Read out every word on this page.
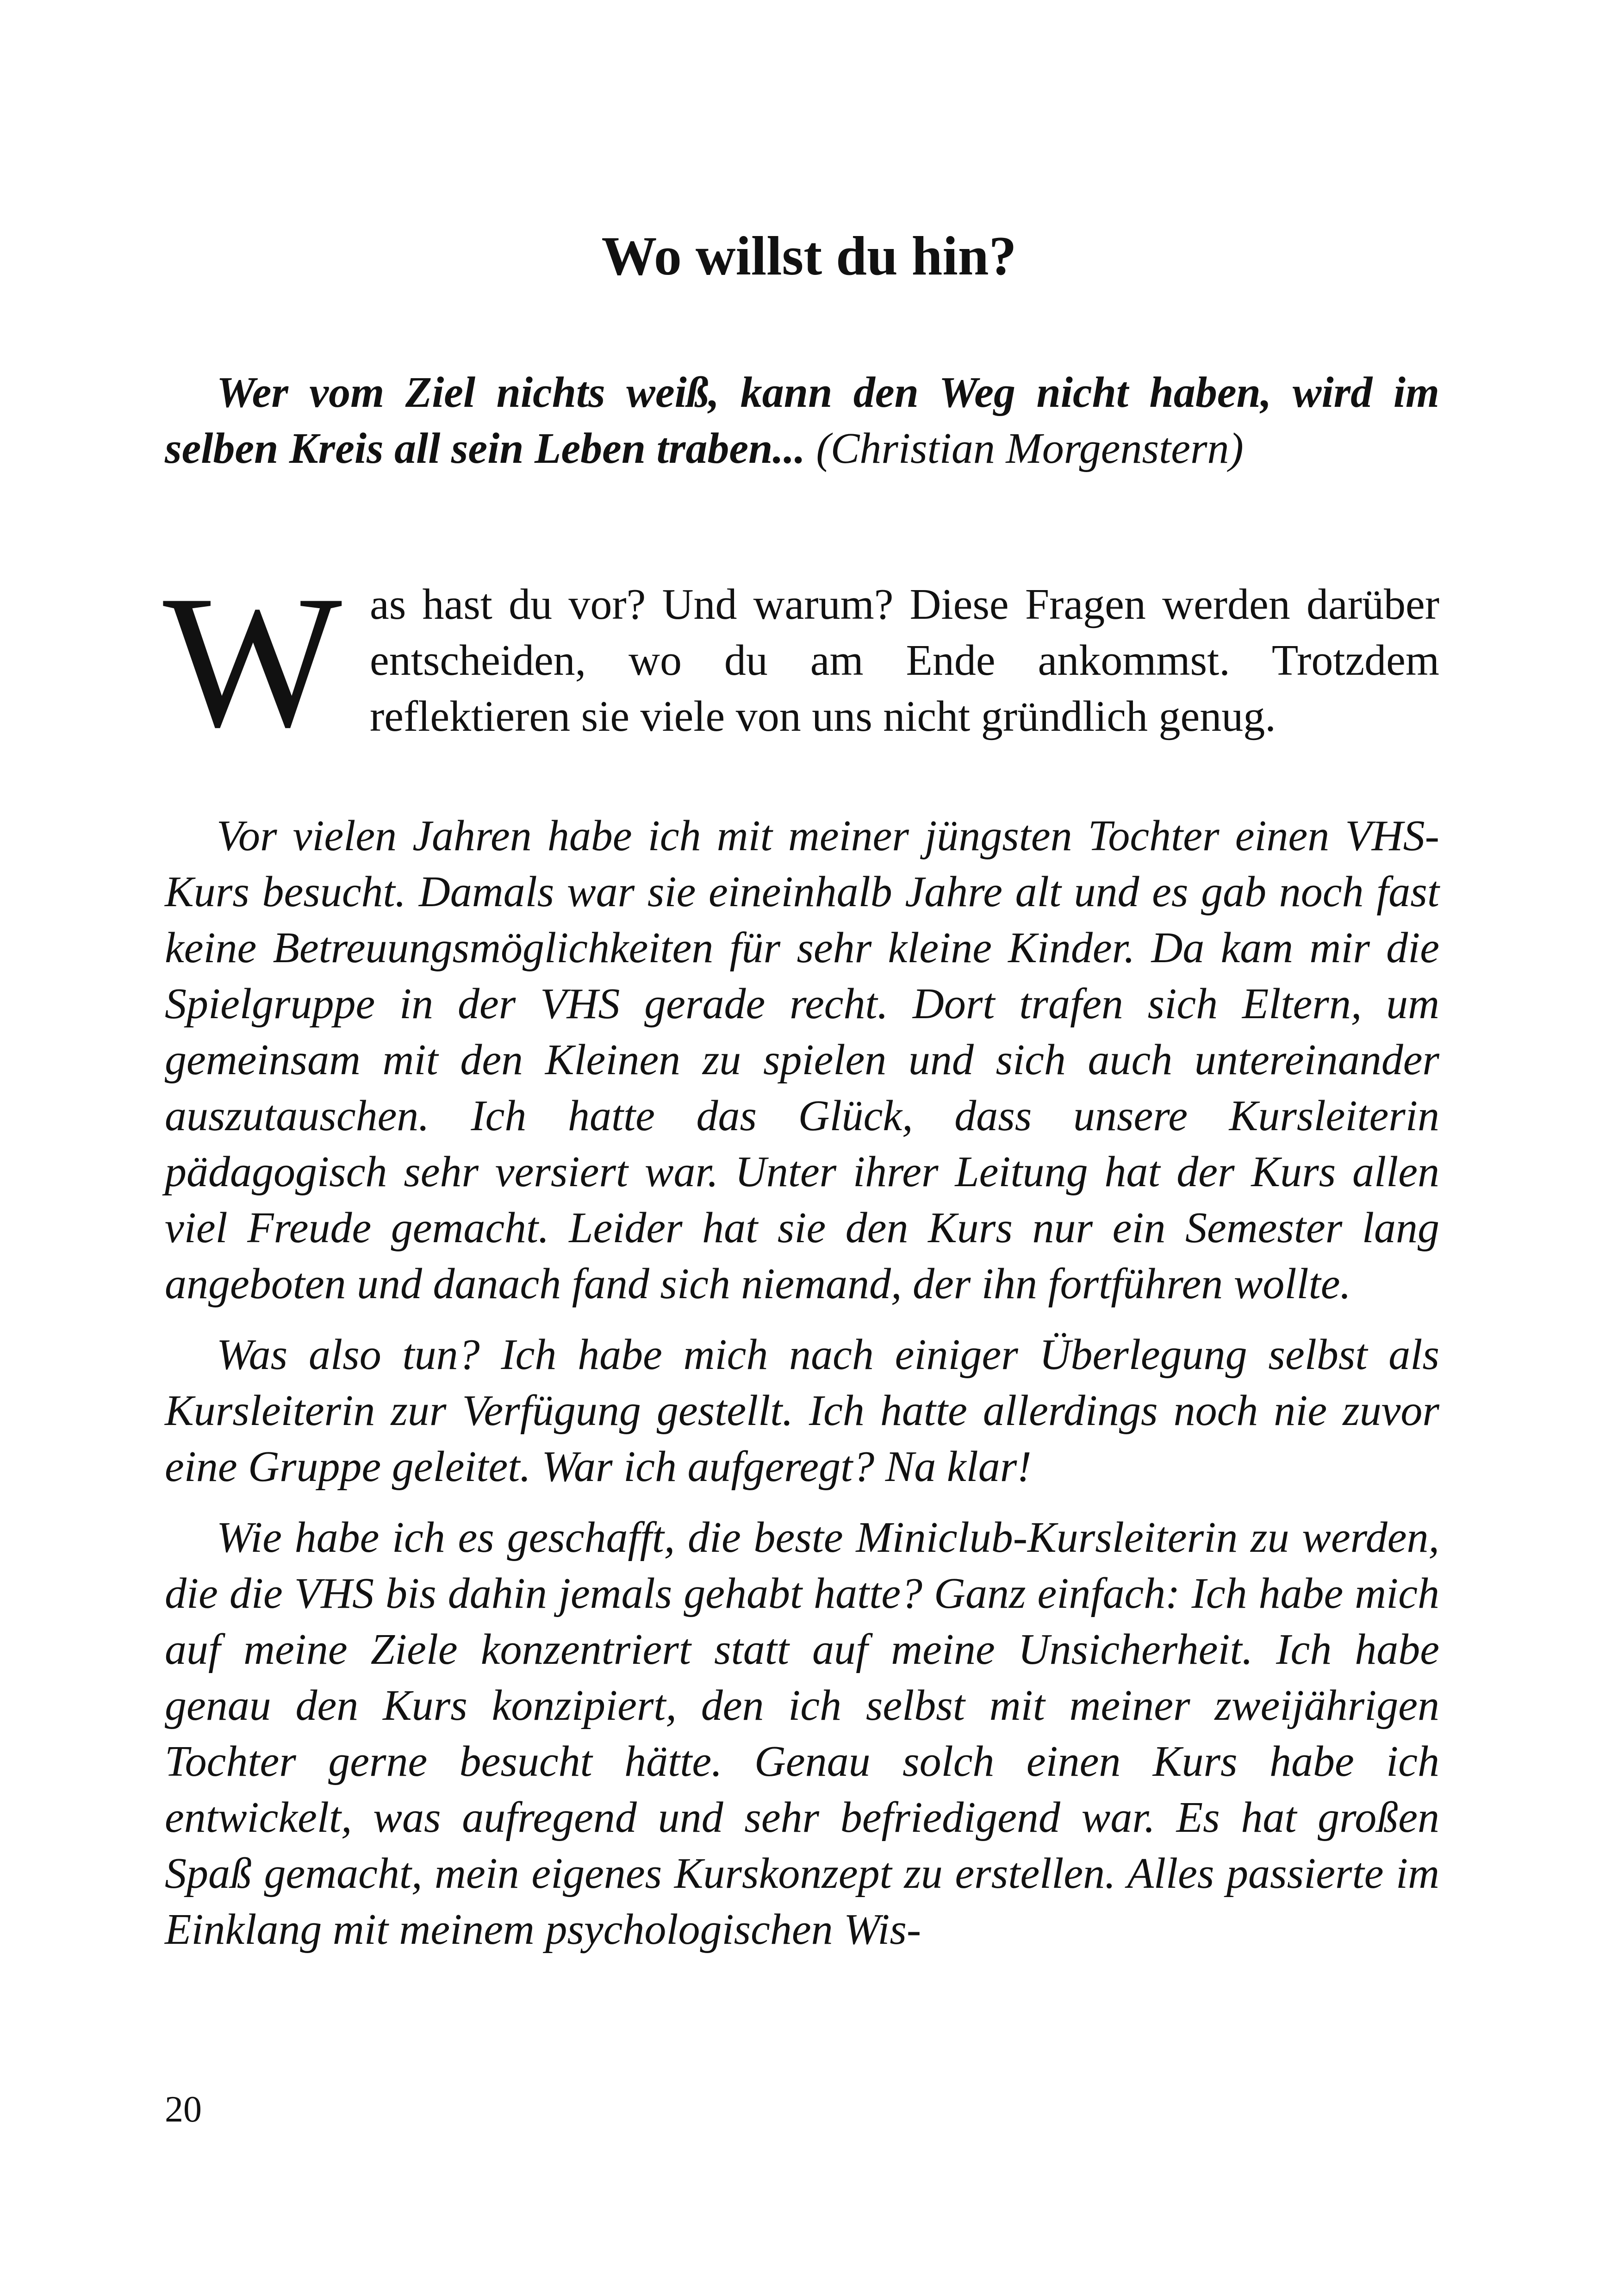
Wo willst du hin?

Wer vom Ziel nichts weiß, kann den Weg nicht haben, wird im selben Kreis all sein Leben traben... (Christian Morgenstern)

Was hast du vor? Und warum? Diese Fragen werden darüber entscheiden, wo du am Ende ankommst. Trotzdem reflektieren sie viele von uns nicht gründlich genug.

Vor vielen Jahren habe ich mit meiner jüngsten Tochter einen VHS-Kurs besucht. Damals war sie eineinhalb Jahre alt und es gab noch fast keine Betreuungsmöglichkeiten für sehr kleine Kinder. Da kam mir die Spielgruppe in der VHS gerade recht. Dort trafen sich Eltern, um gemeinsam mit den Kleinen zu spielen und sich auch untereinander auszutauschen. Ich hatte das Glück, dass unsere Kursleiterin pädagogisch sehr versiert war. Unter ihrer Leitung hat der Kurs allen viel Freude gemacht. Leider hat sie den Kurs nur ein Semester lang angeboten und danach fand sich niemand, der ihn fortführen wollte.

Was also tun? Ich habe mich nach einiger Überlegung selbst als Kursleiterin zur Verfügung gestellt. Ich hatte allerdings noch nie zuvor eine Gruppe geleitet. War ich aufgeregt? Na klar!

Wie habe ich es geschafft, die beste Miniclub-Kursleiterin zu werden, die die VHS bis dahin jemals gehabt hatte? Ganz einfach: Ich habe mich auf meine Ziele konzentriert statt auf meine Unsicherheit. Ich habe genau den Kurs konzipiert, den ich selbst mit meiner zweijährigen Tochter gerne besucht hätte. Genau solch einen Kurs habe ich entwickelt, was aufregend und sehr befriedigend war. Es hat großen Spaß gemacht, mein eigenes Kurskonzept zu erstellen. Alles passierte im Einklang mit meinem psychologischen Wis-

20
